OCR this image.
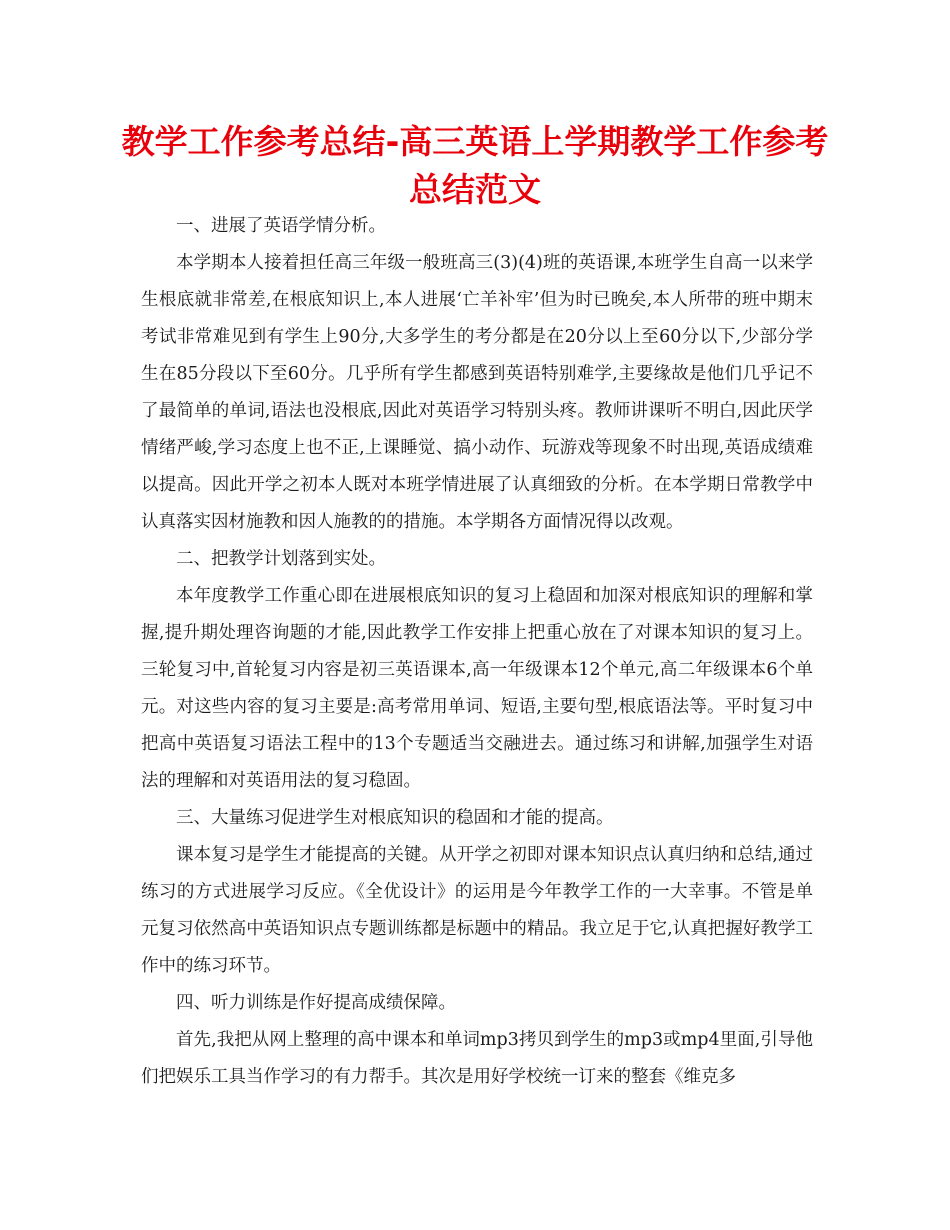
教学工作参考总结-高三英语上学期教学工作参考总结范文

一、进展了英语学情分析。

本学期本人接着担任高三年级一般班高三(3)(4)班的英语课,本班学生自高一以来学生根底就非常差,在根底知识上,本人进展‘亡羊补牢’但为时已晚矣,本人所带的班中期末考试非常难见到有学生上90分,大多学生的考分都是在20分以上至60分以下,少部分学生在85分段以下至60分。几乎所有学生都感到英语特别难学,主要缘故是他们几乎记不了最简单的单词,语法也没根底,因此对英语学习特别头疼。教师讲课听不明白,因此厌学情绪严峻,学习态度上也不正,上课睡觉、搞小动作、玩游戏等现象不时出现,英语成绩难以提高。因此开学之初本人既对本班学情进展了认真细致的分析。在本学期日常教学中认真落实因材施教和因人施教的的措施。本学期各方面情况得以改观。

二、把教学计划落到实处。

本年度教学工作重心即在进展根底知识的复习上稳固和加深对根底知识的理解和掌握,提升期处理咨询题的才能,因此教学工作安排上把重心放在了对课本知识的复习上。三轮复习中,首轮复习内容是初三英语课本,高一年级课本12个单元,高二年级课本6个单元。对这些内容的复习主要是:高考常用单词、短语,主要句型,根底语法等。平时复习中把高中英语复习语法工程中的13个专题适当交融进去。通过练习和讲解,加强学生对语法的理解和对英语用法的复习稳固。

三、大量练习促进学生对根底知识的稳固和才能的提高。

课本复习是学生才能提高的关键。从开学之初即对课本知识点认真归纳和总结,通过练习的方式进展学习反应。《全优设计》的运用是今年教学工作的一大幸事。不管是单元复习依然高中英语知识点专题训练都是标题中的精品。我立足于它,认真把握好教学工作中的练习环节。

四、听力训练是作好提高成绩保障。

首先,我把从网上整理的高中课本和单词mp3拷贝到学生的mp3或mp4里面,引导他们把娱乐工具当作学习的有力帮手。其次是用好学校统一订来的整套《维克多
